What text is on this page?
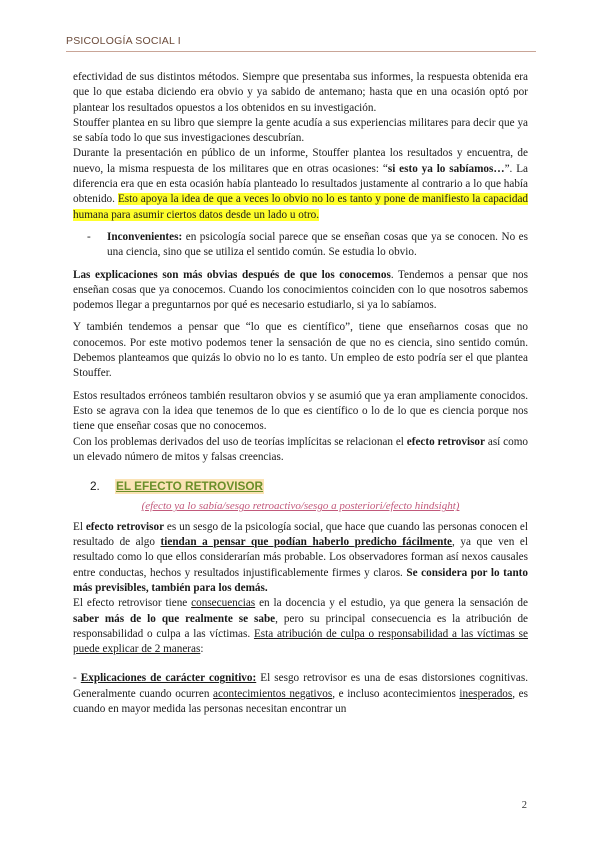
PSICOLOGÍA SOCIAL I

efectividad de sus distintos métodos. Siempre que presentaba sus informes, la respuesta obtenida era que lo que estaba diciendo era obvio y ya sabido de antemano; hasta que en una ocasión optó por plantear los resultados opuestos a los obtenidos en su investigación.

Stouffer plantea en su libro que siempre la gente acudía a sus experiencias militares para decir que ya se sabía todo lo que sus investigaciones descubrían.

Durante la presentación en público de un informe, Stouffer plantea los resultados y encuentra, de nuevo, la misma respuesta de los militares que en otras ocasiones: “si esto ya lo sabíamos…”. La diferencia era que en esta ocasión había planteado lo resultados justamente al contrario a lo que había obtenido. Esto apoya la idea de que a veces lo obvio no lo es tanto y pone de manifiesto la capacidad humana para asumir ciertos datos desde un lado u otro.

-	Inconvenientes: en psicología social parece que se enseñan cosas que ya se conocen. No es una ciencia, sino que se utiliza el sentido común. Se estudia lo obvio.

Las explicaciones son más obvias después de que los conocemos. Tendemos a pensar que nos enseñan cosas que ya conocemos. Cuando los conocimientos coinciden con lo que nosotros sabemos podemos llegar a preguntarnos por qué es necesario estudiarlo, si ya lo sabíamos.

Y también tendemos a pensar que “lo que es científico”, tiene que enseñarnos cosas que no conocemos. Por este motivo podemos tener la sensación de que no es ciencia, sino sentido común. Debemos planteamos que quizás lo obvio no lo es tanto. Un empleo de esto podría ser el que plantea Stouffer.

Estos resultados erróneos también resultaron obvios y se asumió que ya eran ampliamente conocidos. Esto se agrava con la idea que tenemos de lo que es científico o lo de lo que es ciencia porque nos tiene que enseñar cosas que no conocemos.

Con los problemas derivados del uso de teorías implícitas se relacionan el efecto retrovisor así como un elevado número de mitos y falsas creencias.

2.	EL EFECTO RETROVISOR
(efecto ya lo sabía/sesgo retroactivo/sesgo a posteriori/efecto hindsight)

El efecto retrovisor es un sesgo de la psicología social, que hace que cuando las personas conocen el resultado de algo tiendan a pensar que podían haberlo predicho fácilmente, ya que ven el resultado como lo que ellos considerarían más probable. Los observadores forman así nexos causales entre conductas, hechos y resultados injustificablemente firmes y claros. Se considera por lo tanto más previsibles, también para los demás.

El efecto retrovisor tiene consecuencias en la docencia y el estudio, ya que genera la sensación de saber más de lo que realmente se sabe, pero su principal consecuencia es la atribución de responsabilidad o culpa a las víctimas. Esta atribución de culpa o responsabilidad a las víctimas se puede explicar de 2 maneras:

- Explicaciones de carácter cognitivo: El sesgo retrovisor es una de esas distorsiones cognitivas. Generalmente cuando ocurren acontecimientos negativos, e incluso acontecimientos inesperados, es cuando en mayor medida las personas necesitan encontrar un

2
